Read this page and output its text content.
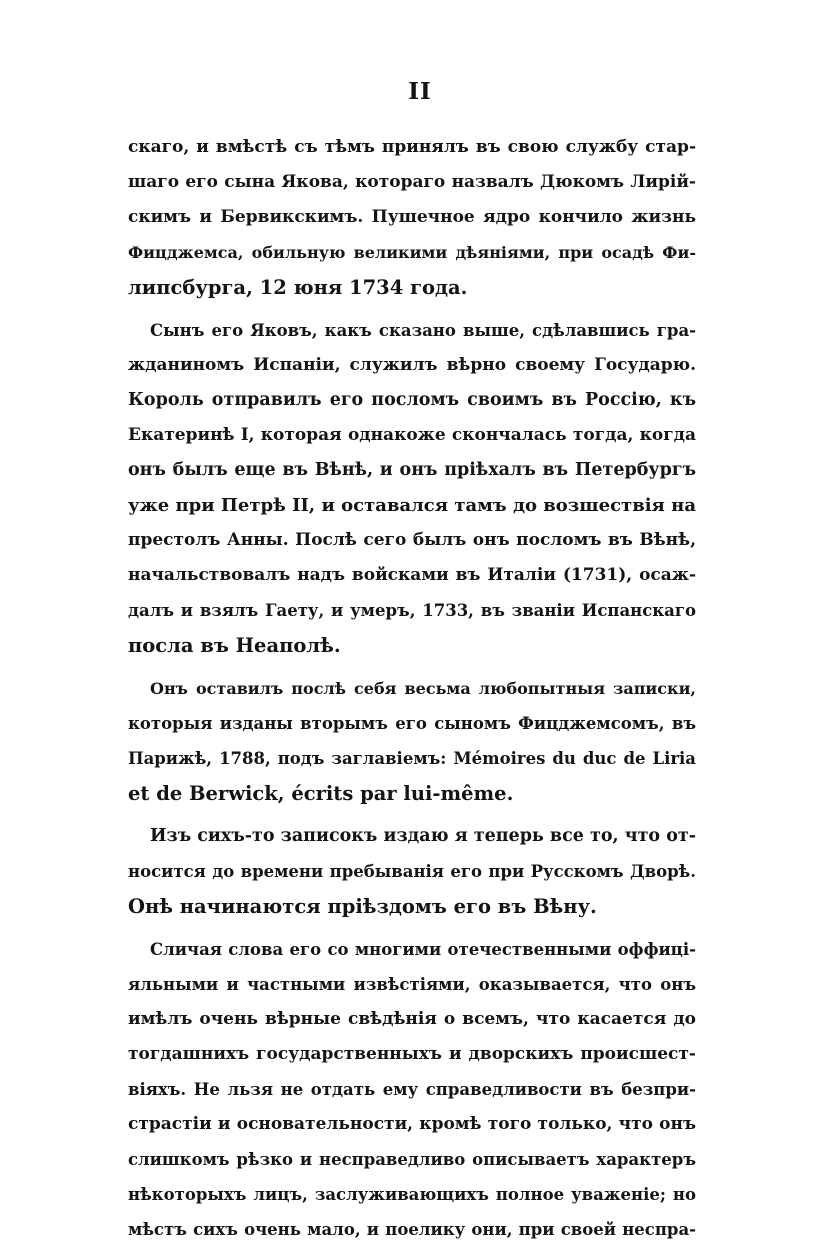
II
скаго, и вмѣстѣ съ тѣмъ принялъ въ свою службу стар-
шаго его сына Якова, котораго назвалъ Дюкомъ Лирій-
скимъ и Бервикскимъ. Пушечное ядро кончило жизнь
Фицджемса, обильную великими дѣяніями, при осадѣ Фи-
липсбурга, 12 юня 1734 года.
Сынъ его Яковъ, какъ сказано выше, сдѣлавшись гра-
жданиномъ Испаніи, служилъ вѣрно своему Государю.
Король отправилъ его посломъ своимъ въ Россію, къ
Екатеринѣ I, которая однакоже скончалась тогда, когда
онъ былъ еще въ Вѣнѣ, и онъ пріѣхалъ въ Петербургъ
уже при Петрѣ II, и оставался тамъ до возшествія на
престолъ Анны. Послѣ сего былъ онъ посломъ въ Вѣнѣ,
начальствовалъ надъ войсками въ Италіи (1731), осаж-
далъ и взялъ Гаету, и умеръ, 1733, въ званіи Испанскаго
посла въ Неаполѣ.
Онъ оставилъ послѣ себя весьма любопытныя записки,
которыя изданы вторымъ его сыномъ Фицджемсомъ, въ
Парижѣ, 1788, подъ заглавіемъ: Mémoires du duc de Liria
et de Berwick, écrits par lui-même.
Изъ сихъ-то записокъ издаю я теперь все то, что от-
носится до времени пребыванія его при Русскомъ Дворѣ.
Онѣ начинаются пріѣздомъ его въ Вѣну.
Сличая слова его со многими отечественными оффиці-
яльными и частными извѣстіями, оказывается, что онъ
имѣлъ очень вѣрные свѣдѣнія о всемъ, что касается до
тогдашнихъ государственныхъ и дворскихъ происшест-
віяхъ. Не льзя не отдать ему справедливости въ безпри-
страстіи и основательности, кромѣ того только, что онъ
слишкомъ рѣзко и несправедливо описываетъ характеръ
нѣкоторыхъ лицъ, заслуживающихъ полное уваженіе; но
мѣстъ сихъ очень мало, и поелику они, при своей неспра-
